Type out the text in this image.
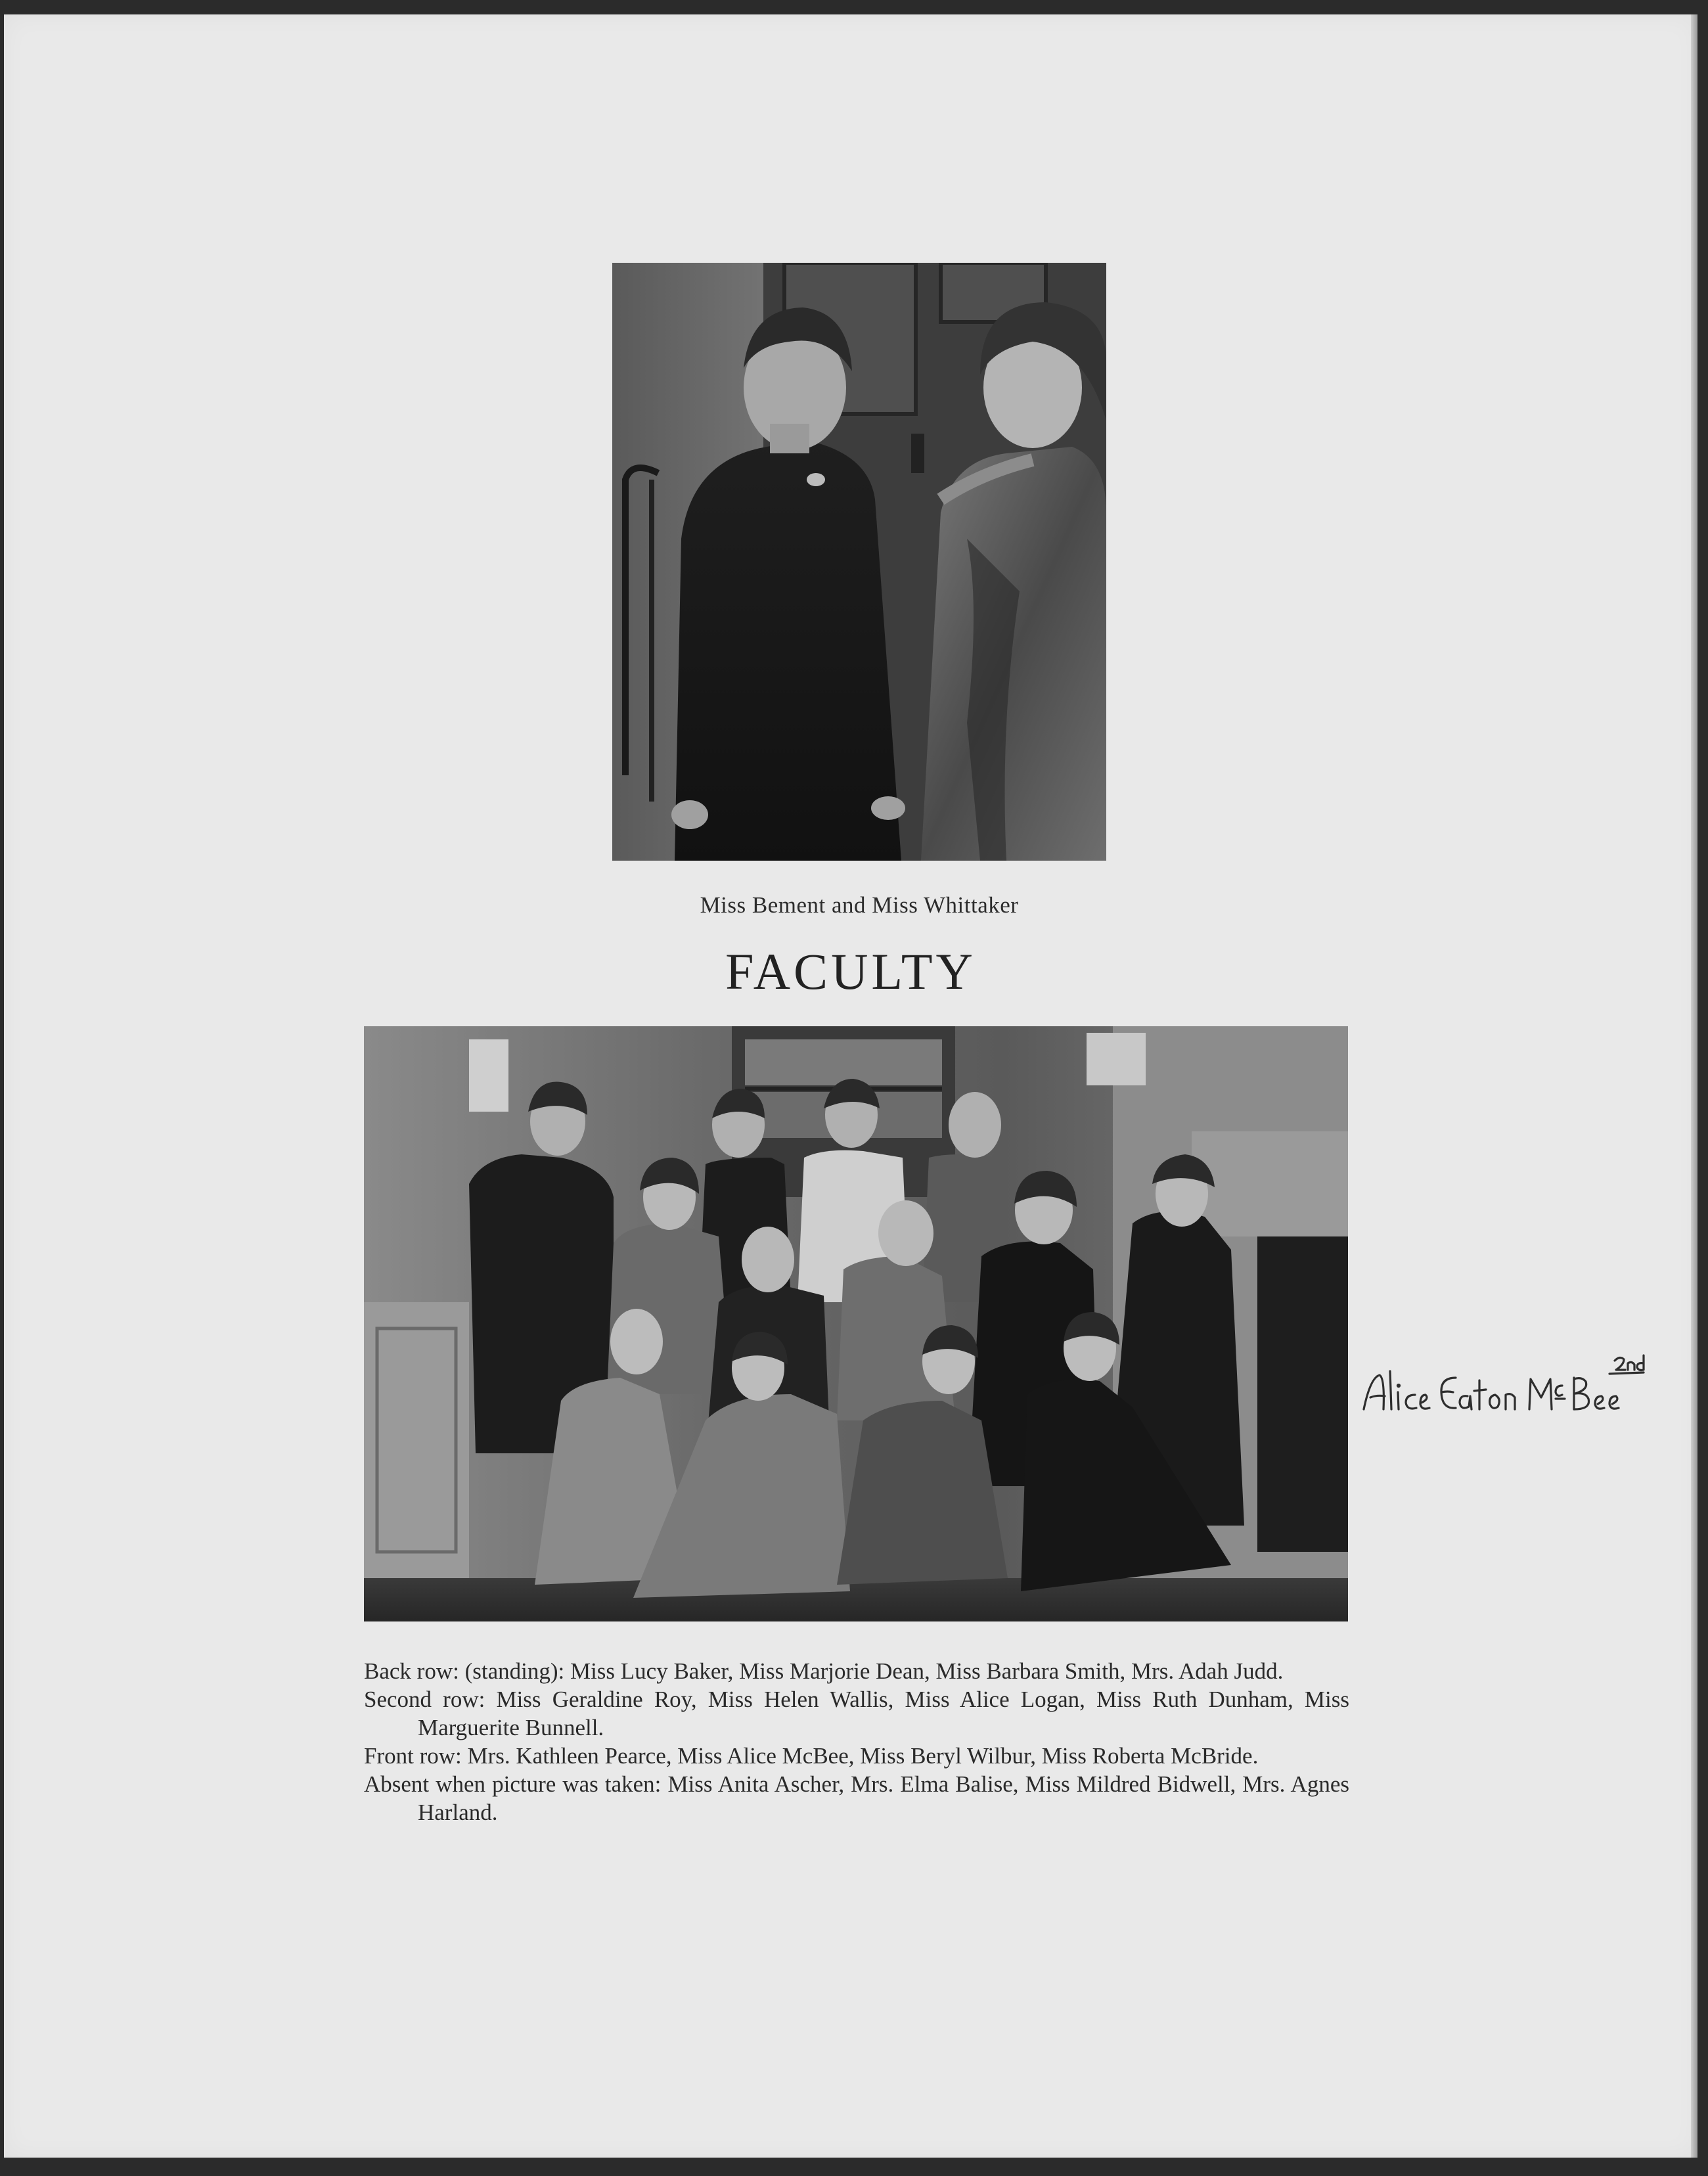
Miss Bement and Miss Whittaker
FACULTY

Back row: (standing): Miss Lucy Baker, Miss Marjorie Dean, Miss Barbara Smith, Mrs. Adah Judd.

Second row: Miss Geraldine Roy, Miss Helen Wallis, Miss Alice Logan, Miss Ruth Dunham, Miss Marguerite Bunnell.

Front row: Mrs. Kathleen Pearce, Miss Alice McBee, Miss Beryl Wilbur, Miss Roberta McBride.

Absent when picture was taken: Miss Anita Ascher, Mrs. Elma Balise, Miss Mildred Bidwell, Mrs. Agnes Harland.
